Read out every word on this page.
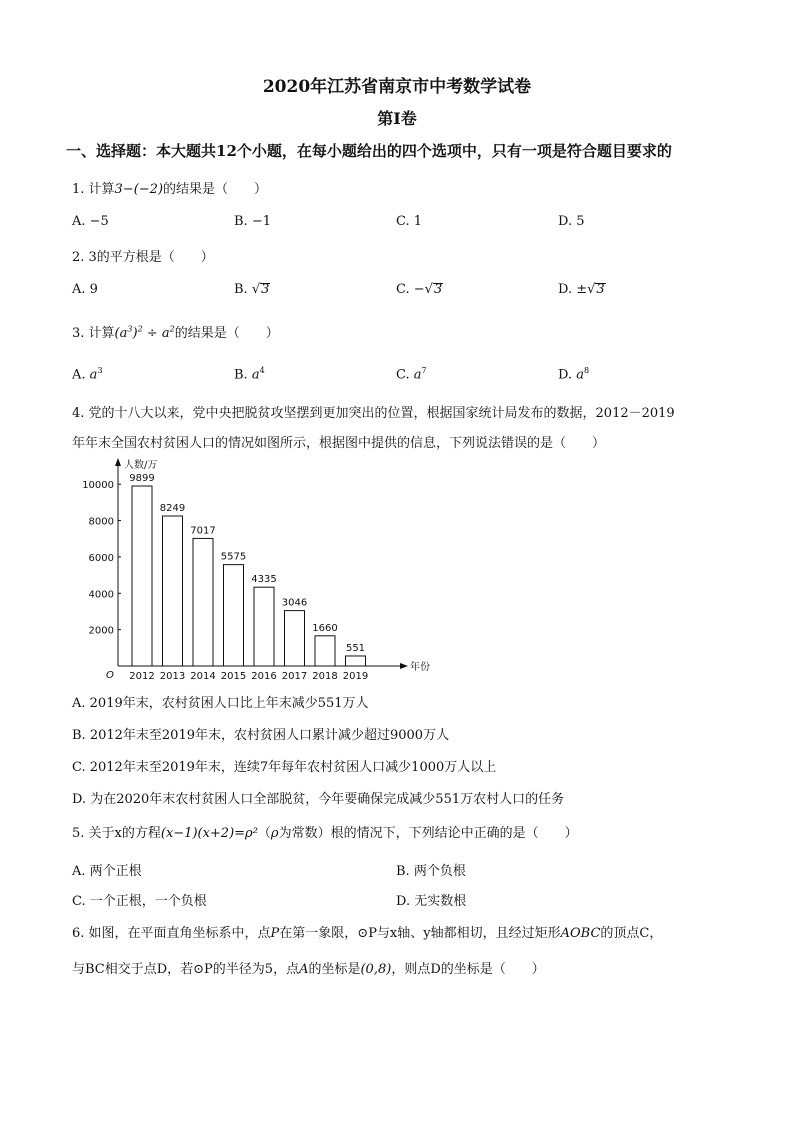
2020年江苏省南京市中考数学试卷
第Ⅰ卷
一、选择题：本大题共12个小题，在每小题给出的四个选项中，只有一项是符合题目要求的
1. 计算3−(−2)的结果是（　　）
A. −5	B. −1	C. 1	D. 5
2. 3的平方根是（　　）
A. 9	B. √3	C. −√3	D. ±√3
3. 计算$(a^3)^2 \div a^2$的结果是（　　）
A. $a^3$	B. $a^4$	C. $a^7$	D. $a^8$
4. 党的十八大以来，党中央把脱贫攻坚摆到更加突出的位置，根据国家统计局发布的数据，2012－2019
年年末全国农村贫困人口的情况如图所示，根据图中提供的信息，下列说法错误的是（　　）
人数/万
年份
O
2000
4000
6000
8000
10000
9899
2012
8249
2013
7017
2014
5575
2015
4335
2016
3046
2017
1660
2018
551
2019
A. 2019年末，农村贫困人口比上年末减少551万人
B. 2012年末至2019年末，农村贫困人口累计减少超过9000万人
C. 2012年末至2019年末，连续7年每年农村贫困人口减少1000万人以上
D. 为在2020年末农村贫困人口全部脱贫，今年要确保完成减少551万农村人口的任务
5. 关于x的方程(x−1)(x+2)=ρ²（ρ为常数）根的情况下，下列结论中正确的是（　　）
A. 两个正根	B. 两个负根
C. 一个正根，一个负根	D. 无实数根
6. 如图，在平面直角坐标系中，点P在第一象限，⊙P与x轴、y轴都相切，且经过矩形AOBC的顶点C，
与BC相交于点D，若⊙P的半径为5，点A的坐标是(0,8)，则点D的坐标是（　　）
